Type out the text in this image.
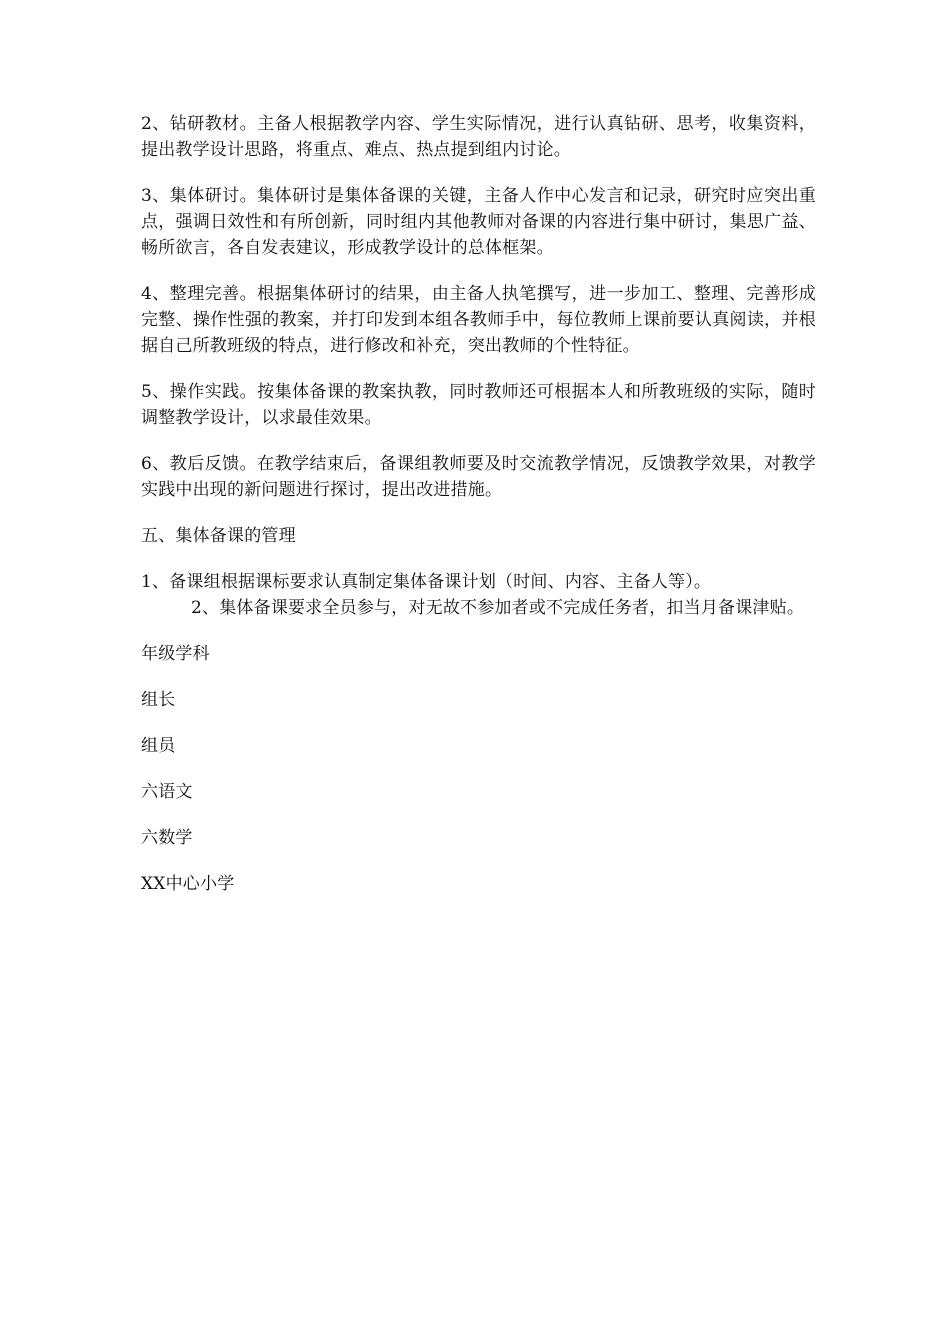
2、钻研教材。主备人根据教学内容、学生实际情况，进行认真钻研、思考，收集资料，提出教学设计思路，将重点、难点、热点提到组内讨论。

3、集体研讨。集体研讨是集体备课的关键，主备人作中心发言和记录，研究时应突出重点，强调日效性和有所创新，同时组内其他教师对备课的内容进行集中研讨，集思广益、畅所欲言，各自发表建议，形成教学设计的总体框架。

4、整理完善。根据集体研讨的结果，由主备人执笔撰写，进一步加工、整理、完善形成完整、操作性强的教案，并打印发到本组各教师手中，每位教师上课前要认真阅读，并根据自己所教班级的特点，进行修改和补充，突出教师的个性特征。

5、操作实践。按集体备课的教案执教，同时教师还可根据本人和所教班级的实际，随时调整教学设计，以求最佳效果。

6、教后反馈。在教学结束后，备课组教师要及时交流教学情况，反馈教学效果，对教学实践中出现的新问题进行探讨，提出改进措施。

五、集体备课的管理

1、备课组根据课标要求认真制定集体备课计划（时间、内容、主备人等）。

2、集体备课要求全员参与，对无故不参加者或不完成任务者，扣当月备课津贴。

年级学科

组长

组员

六语文

六数学

XX中心小学
